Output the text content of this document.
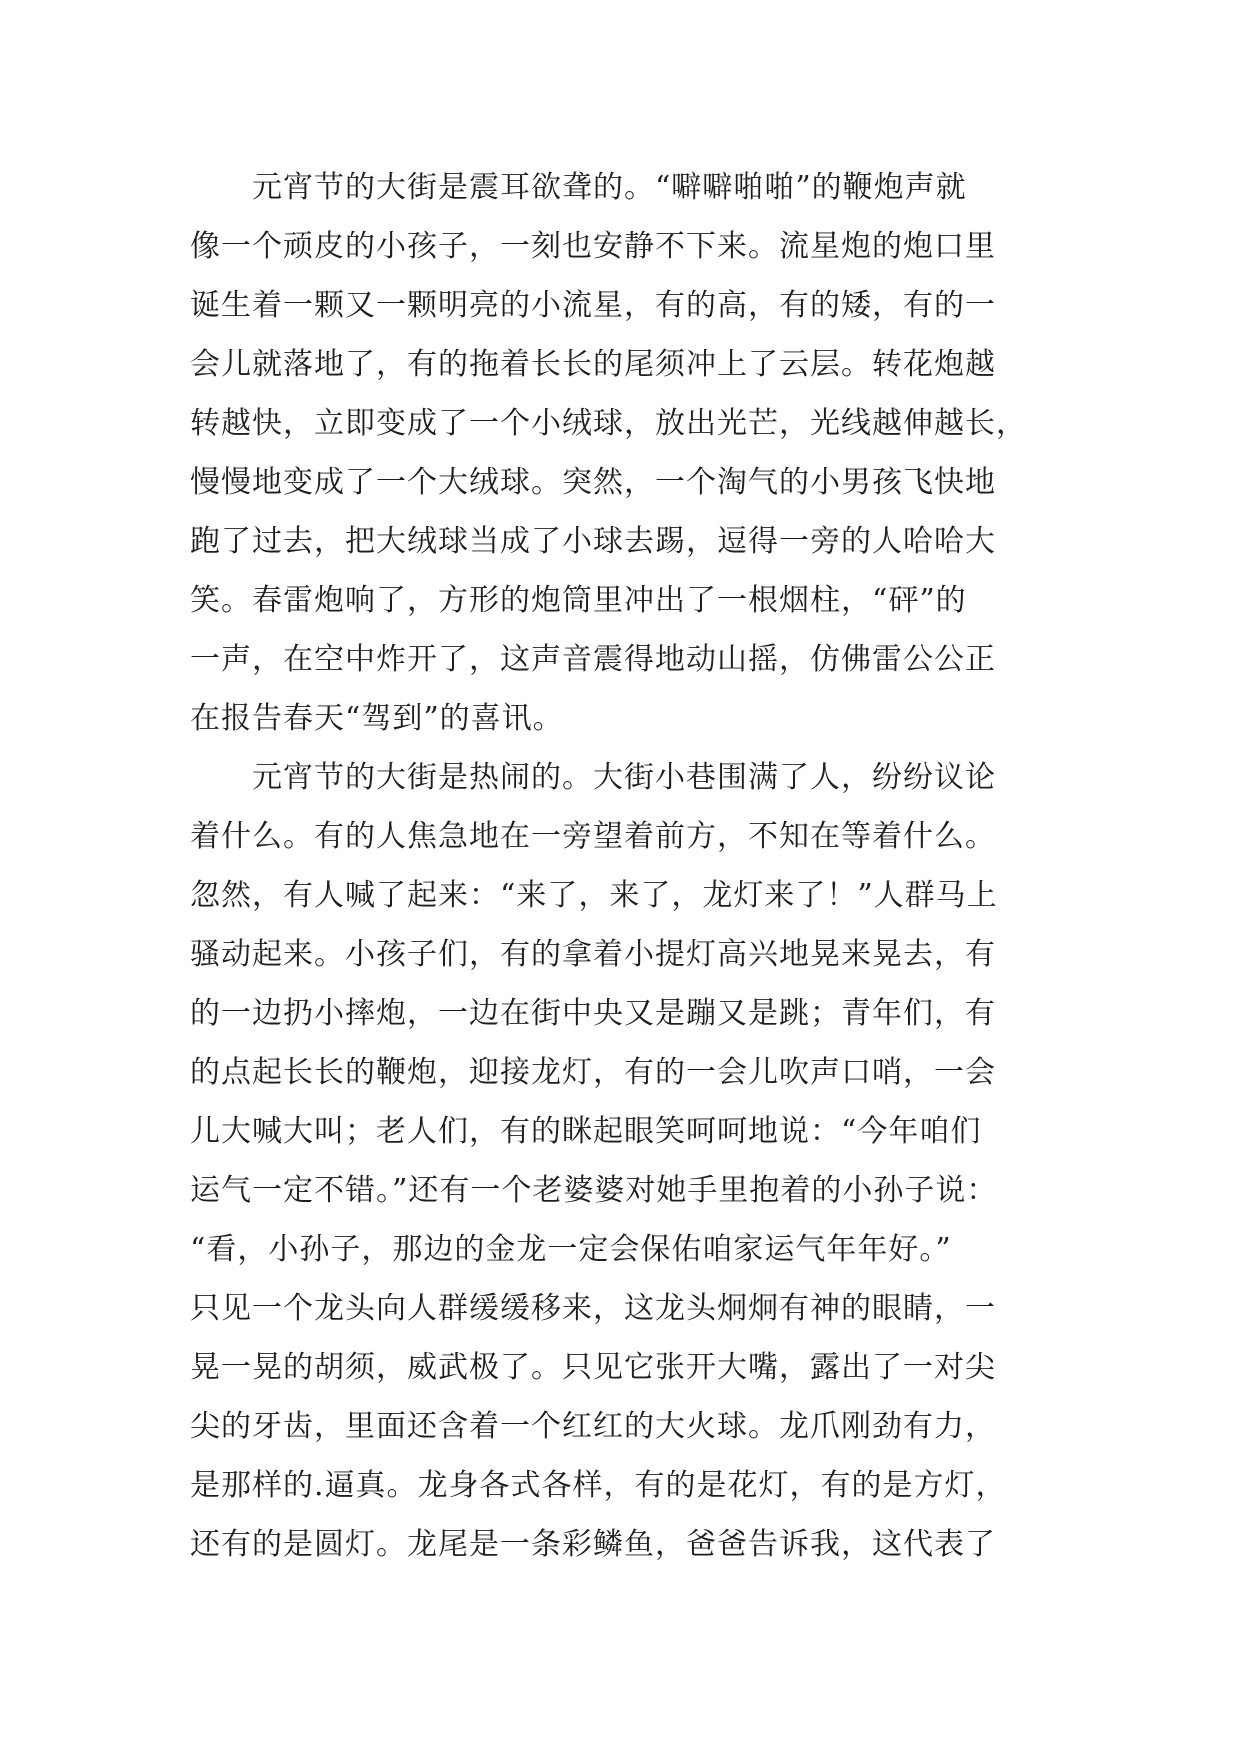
　　元宵节的大街是震耳欲聋的。“噼噼啪啪”的鞭炮声就
像一个顽皮的小孩子，一刻也安静不下来。流星炮的炮口里
诞生着一颗又一颗明亮的小流星，有的高，有的矮，有的一
会儿就落地了，有的拖着长长的尾须冲上了云层。转花炮越
转越快，立即变成了一个小绒球，放出光芒，光线越伸越长，
慢慢地变成了一个大绒球。突然，一个淘气的小男孩飞快地
跑了过去，把大绒球当成了小球去踢，逗得一旁的人哈哈大
笑。春雷炮响了，方形的炮筒里冲出了一根烟柱，“砰”的
一声，在空中炸开了，这声音震得地动山摇，仿佛雷公公正
在报告春天“驾到”的喜讯。
　　元宵节的大街是热闹的。大街小巷围满了人，纷纷议论
着什么。有的人焦急地在一旁望着前方，不知在等着什么。
忽然，有人喊了起来：“来了，来了，龙灯来了！”人群马上
骚动起来。小孩子们，有的拿着小提灯高兴地晃来晃去，有
的一边扔小摔炮，一边在街中央又是蹦又是跳；青年们，有
的点起长长的鞭炮，迎接龙灯，有的一会儿吹声口哨，一会
儿大喊大叫；老人们，有的眯起眼笑呵呵地说：“今年咱们
运气一定不错。”还有一个老婆婆对她手里抱着的小孙子说：
“看，小孙子，那边的金龙一定会保佑咱家运气年年好。”
只见一个龙头向人群缓缓移来，这龙头炯炯有神的眼睛，一
晃一晃的胡须，威武极了。只见它张开大嘴，露出了一对尖
尖的牙齿，里面还含着一个红红的大火球。龙爪刚劲有力，
是那样的.逼真。龙身各式各样，有的是花灯，有的是方灯，
还有的是圆灯。龙尾是一条彩鳞鱼，爸爸告诉我，这代表了
